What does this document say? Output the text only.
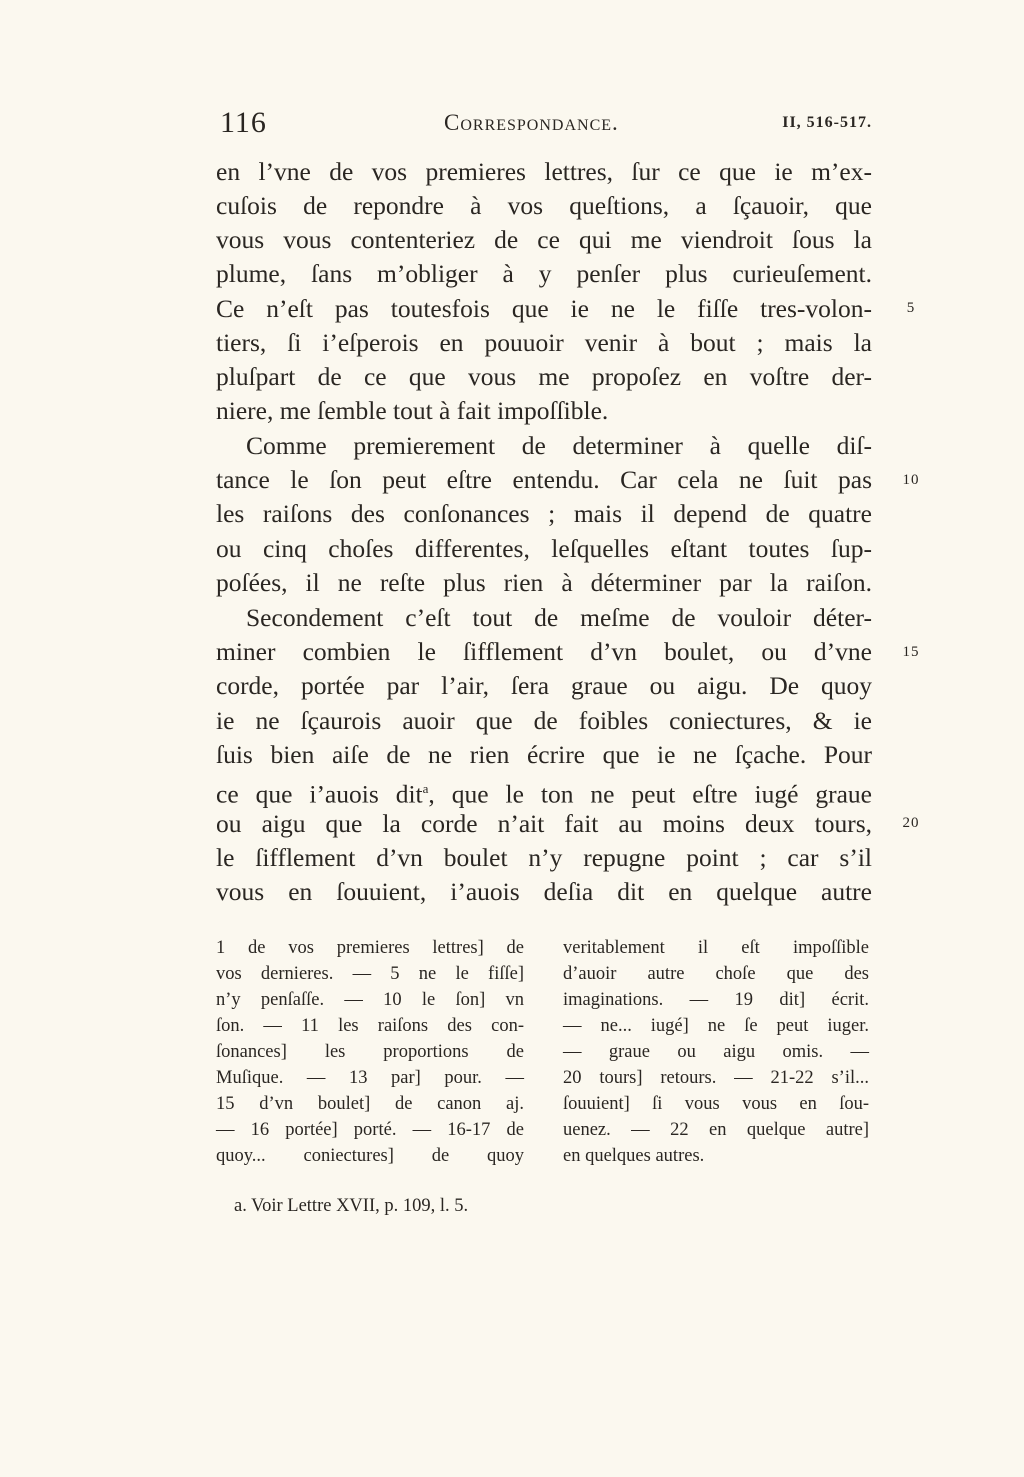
116	Correspondance.	II, 516-517.
en l’vne de vos premieres lettres, ſur ce que ie m’ex-
cuſois de repondre à vos queſtions, a ſçauoir, que
vous vous contenteriez de ce qui me viendroit ſous la
plume, ſans m’obliger à y penſer plus curieuſement.
Ce n’eſt pas toutesfois que ie ne le fiſſe tres-volon-
tiers, ſi i’eſperois en pouuoir venir à bout ; mais la
pluſpart de ce que vous me propoſez en voſtre der-
niere, me ſemble tout à fait impoſſible.
Comme premierement de determiner à quelle diſ-
tance le ſon peut eſtre entendu. Car cela ne ſuit pas
les raiſons des conſonances ; mais il depend de quatre
ou cinq choſes differentes, leſquelles eſtant toutes ſup-
poſées, il ne reſte plus rien à déterminer par la raiſon.
Secondement c’eſt tout de meſme de vouloir déter-
miner combien le ſifflement d’vn boulet, ou d’vne
corde, portée par l’air, ſera graue ou aigu. De quoy
ie ne ſçaurois auoir que de foibles coniectures, & ie
ſuis bien aiſe de ne rien écrire que ie ne ſçache. Pour
ce que i’auois dit$^a$, que le ton ne peut eſtre iugé graue
ou aigu que la corde n’ait fait au moins deux tours,
le ſifflement d’vn boulet n’y repugne point ; car s’il
vous en ſouuient, i’auois deſia dit en quelque autre
5
10
15
20
1 de vos premieres lettres] de
vos dernieres. — 5 ne le fiſſe]
n’y penſaſſe. — 10 le ſon] vn
ſon. — 11 les raiſons des con-
ſonances] les proportions de
Muſique. — 13 par] pour. —
15 d’vn boulet] de canon aj.
— 16 portée] porté. — 16-17 de
quoy... coniectures] de quoy
veritablement il eſt impoſſible
d’auoir autre choſe que des
imaginations. — 19 dit] écrit.
— ne... iugé] ne ſe peut iuger.
— graue ou aigu omis. —
20 tours] retours. — 21-22 s’il...
ſouuient] ſi vous vous en ſou-
uenez. — 22 en quelque autre]
en quelques autres.
a. Voir Lettre XVII, p. 109, l. 5.
